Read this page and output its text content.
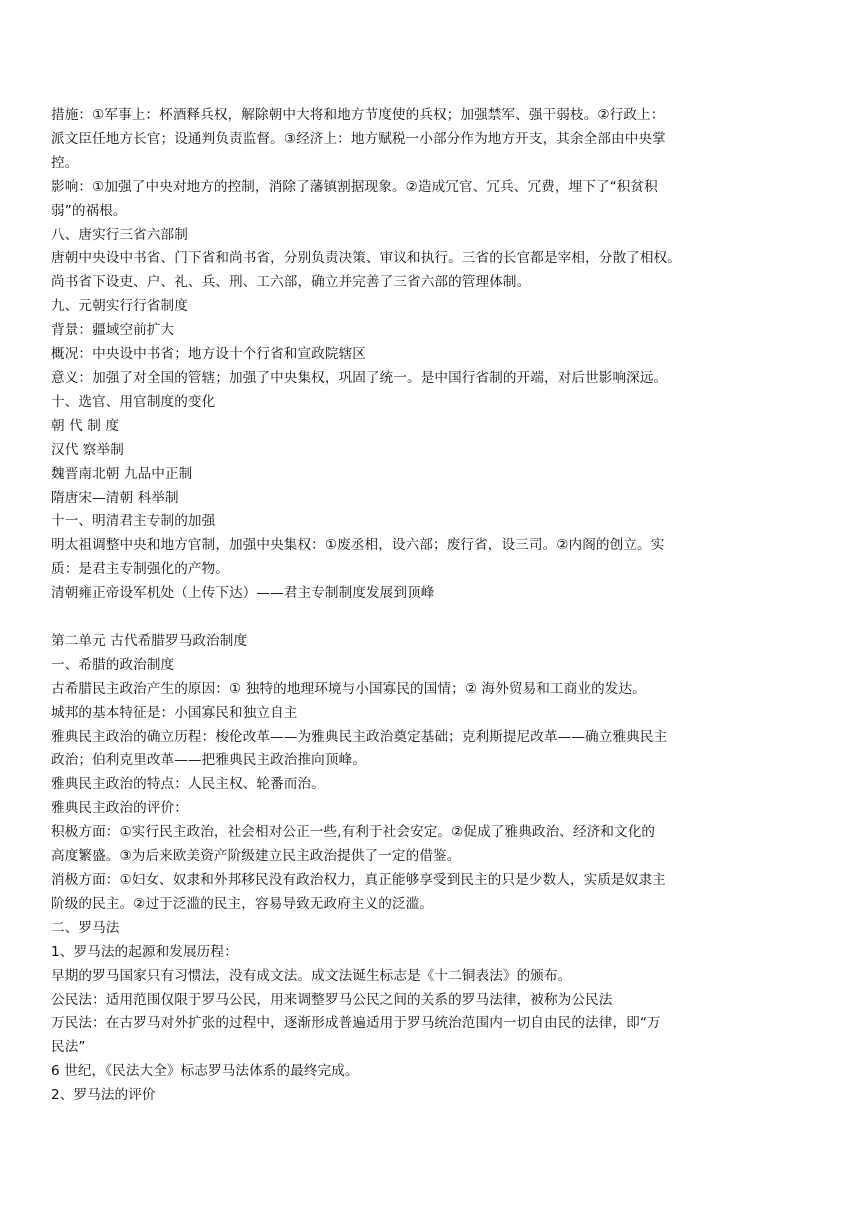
措施：①军事上：杯酒释兵权，解除朝中大将和地方节度使的兵权；加强禁军、强干弱枝。②行政上：
派文臣任地方长官；设通判负责监督。③经济上：地方赋税一小部分作为地方开支，其余全部由中央掌
控。
影响：①加强了中央对地方的控制，消除了藩镇割据现象。②造成冗官、冗兵、冗费，埋下了“积贫积
弱”的祸根。
八、唐实行三省六部制
唐朝中央设中书省、门下省和尚书省，分别负责决策、审议和执行。三省的长官都是宰相，分散了相权。
尚书省下设吏、户、礼、兵、刑、工六部，确立并完善了三省六部的管理体制。
九、元朝实行行省制度
背景：疆域空前扩大
概况：中央设中书省；地方设十个行省和宣政院辖区
意义：加强了对全国的管辖；加强了中央集权，巩固了统一。是中国行省制的开端，对后世影响深远。
十、选官、用官制度的变化
朝 代 制 度
汉代 察举制
魏晋南北朝 九品中正制
隋唐宋—清朝 科举制
十一、明清君主专制的加强
明太祖调整中央和地方官制，加强中央集权：①废丞相，设六部；废行省，设三司。②内阁的创立。实
质：是君主专制强化的产物。
清朝雍正帝设军机处（上传下达）——君主专制制度发展到顶峰
第二单元 古代希腊罗马政治制度
一、希腊的政治制度
古希腊民主政治产生的原因：① 独特的地理环境与小国寡民的国情；② 海外贸易和工商业的发达。
城邦的基本特征是：小国寡民和独立自主
雅典民主政治的确立历程：梭伦改革——为雅典民主政治奠定基础；克利斯提尼改革——确立雅典民主
政治；伯利克里改革——把雅典民主政治推向顶峰。
雅典民主政治的特点：人民主权、轮番而治。
雅典民主政治的评价：
积极方面：①实行民主政治，社会相对公正一些,有利于社会安定。②促成了雅典政治、经济和文化的
高度繁盛。③为后来欧美资产阶级建立民主政治提供了一定的借鉴。
消极方面：①妇女、奴隶和外邦移民没有政治权力，真正能够享受到民主的只是少数人，实质是奴隶主
阶级的民主。②过于泛滥的民主，容易导致无政府主义的泛滥。
二、罗马法
1、罗马法的起源和发展历程：
早期的罗马国家只有习惯法，没有成文法。成文法诞生标志是《十二铜表法》的颁布。
公民法：适用范围仅限于罗马公民，用来调整罗马公民之间的关系的罗马法律，被称为公民法
万民法：在古罗马对外扩张的过程中，逐渐形成普遍适用于罗马统治范围内一切自由民的法律，即“万
民法”
6 世纪，《民法大全》标志罗马法体系的最终完成。
2、罗马法的评价
